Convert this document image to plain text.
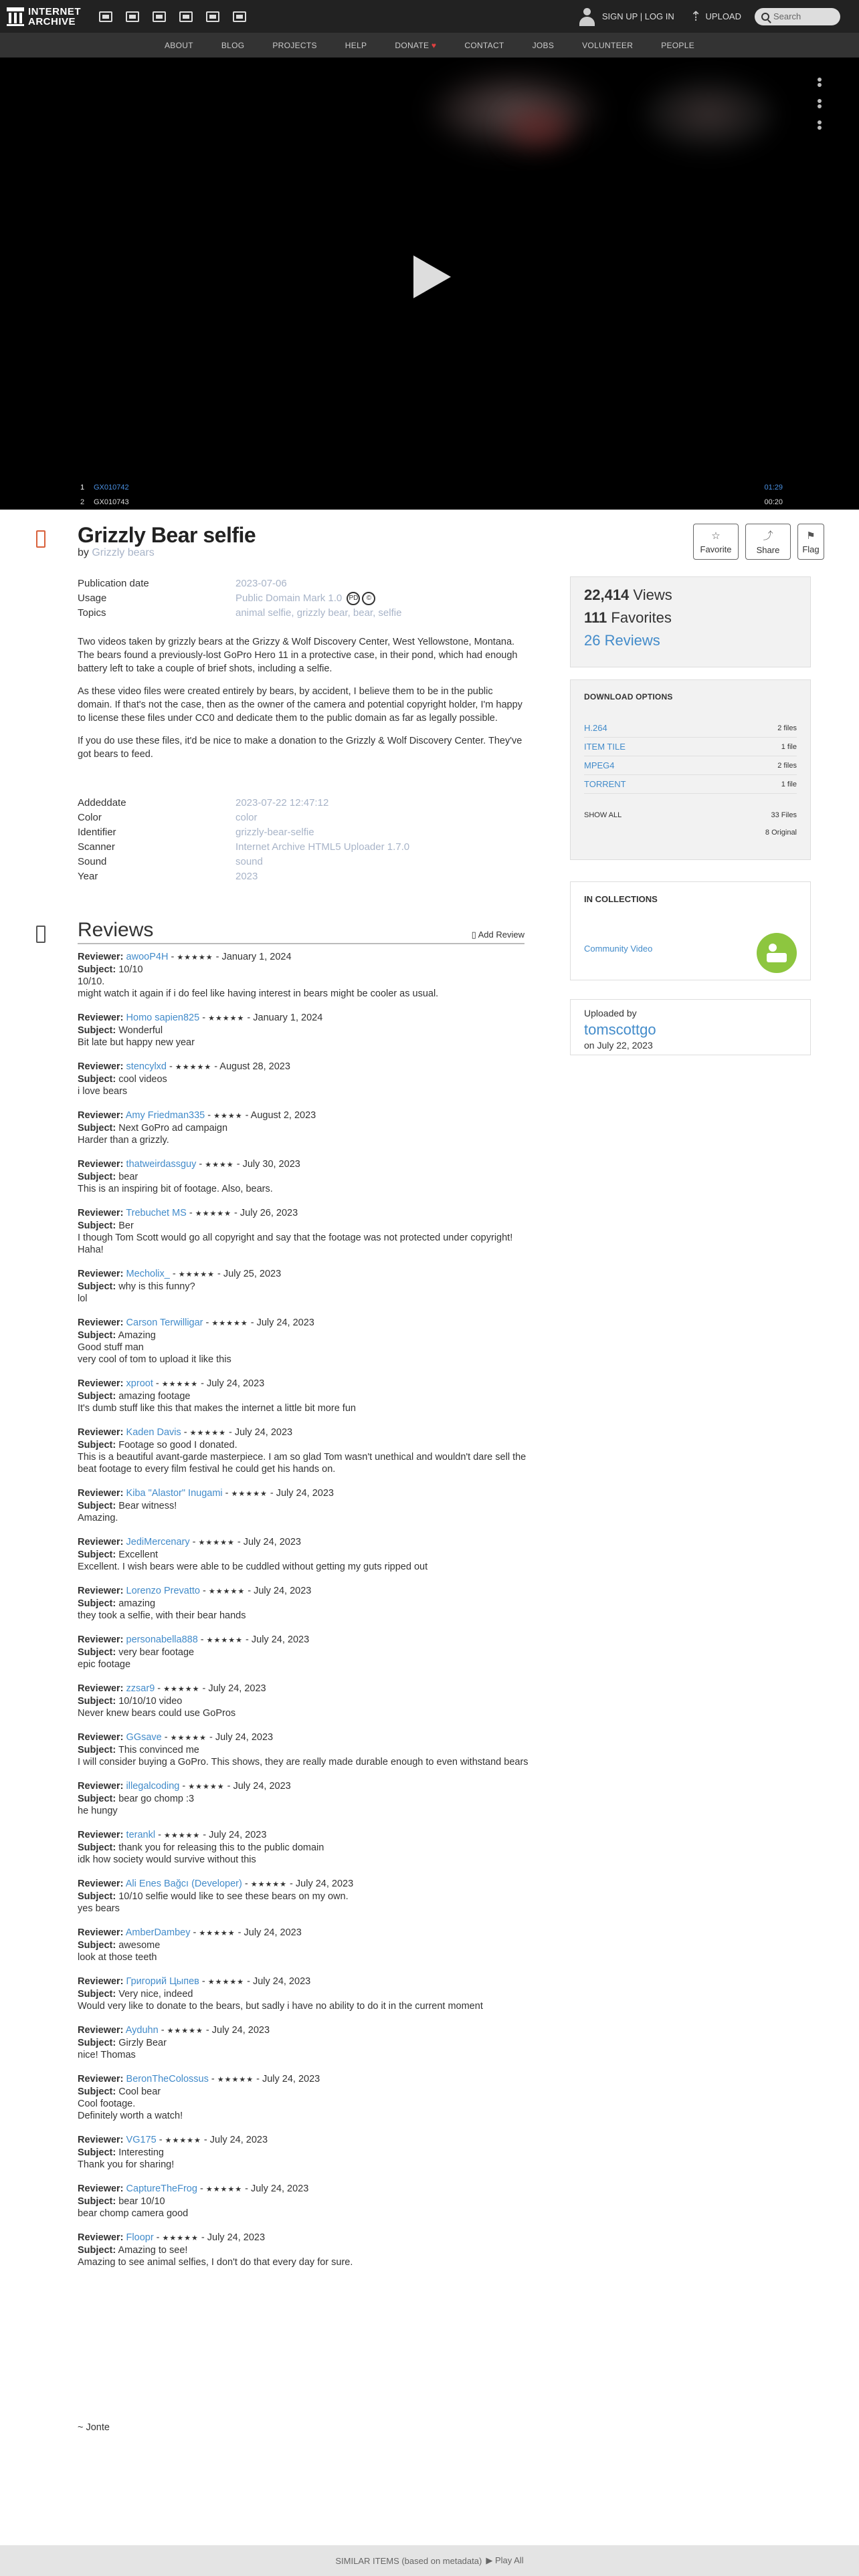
INTERNET
ARCHIVE	SIGN UP | LOG IN ⇡ UPLOAD	Search
ABOUT	BLOG	PROJECTS	HELP	DONATE ♥	CONTACT	JOBS	VOLUNTEER	PEOPLE
1	GX010742	01:29
2	GX010743	00:20
Grizzly Bear selfie
by Grizzly bears
☆
Favorite
⤴
Share
⚑
Flag
Publication date	2023-07-06
Usage	Public Domain Mark 1.0 PD ©
Topics	animal selfie, grizzly bear, bear, selfie

Two videos taken by grizzly bears at the Grizzy & Wolf Discovery Center, West Yellowstone, Montana. The bears found a previously-lost GoPro Hero 11 in a protective case, in their pond, which had enough battery left to take a couple of brief shots, including a selfie.

As these video files were created entirely by bears, by accident, I believe them to be in the public domain. If that's not the case, then as the owner of the camera and potential copyright holder, I'm happy to license these files under CC0 and dedicate them to the public domain as far as legally possible.

If you do use these files, it'd be nice to make a donation to the Grizzly & Wolf Discovery Center. They've got bears to feed.

Addeddate	2023-07-22 12:47:12
Color	color
Identifier	grizzly-bear-selfie
Scanner	Internet Archive HTML5 Uploader 1.7.0
Sound	sound
Year	2023
22,414 Views
111 Favorites
26 Reviews
DOWNLOAD OPTIONS
H.264	2 files
ITEM TILE	1 file
MPEG4	2 files
TORRENT	1 file
SHOW ALL	33 Files
8 Original
IN COLLECTIONS
Community Video
Uploaded by
tomscottgo
on July 22, 2023
Reviews	▯ Add Review
Reviewer: awooP4H - ★★★★★ - January 1, 2024
Subject: 10/10
10/10.
might watch it again if i do feel like having interest in bears might be cooler as usual.
Reviewer: Homo sapien825 - ★★★★★ - January 1, 2024
Subject: Wonderful
Bit late but happy new year
Reviewer: stencylxd - ★★★★★ - August 28, 2023
Subject: cool videos
i love bears
Reviewer: Amy Friedman335 - ★★★★ - August 2, 2023
Subject: Next GoPro ad campaign
Harder than a grizzly.
Reviewer: thatweirdassguy - ★★★★ - July 30, 2023
Subject: bear
This is an inspiring bit of footage. Also, bears.
Reviewer: Trebuchet MS - ★★★★★ - July 26, 2023
Subject: Ber
I though Tom Scott would go all copyright and say that the footage was not protected under copyright! Haha!
Reviewer: Mecholix_ - ★★★★★ - July 25, 2023
Subject: why is this funny?
lol
Reviewer: Carson Terwilligar - ★★★★★ - July 24, 2023
Subject: Amazing
Good stuff man
very cool of tom to upload it like this
Reviewer: xproot - ★★★★★ - July 24, 2023
Subject: amazing footage
It's dumb stuff like this that makes the internet a little bit more fun
Reviewer: Kaden Davis - ★★★★★ - July 24, 2023
Subject: Footage so good I donated.
This is a beautiful avant-garde masterpiece. I am so glad Tom wasn't unethical and wouldn't dare sell the beat footage to every film festival he could get his hands on.
Reviewer: Kiba "Alastor" Inugami - ★★★★★ - July 24, 2023
Subject: Bear witness!
Amazing.
Reviewer: JediMercenary - ★★★★★ - July 24, 2023
Subject: Excellent
Excellent. I wish bears were able to be cuddled without getting my guts ripped out
Reviewer: Lorenzo Prevatto - ★★★★★ - July 24, 2023
Subject: amazing
they took a selfie, with their bear hands
Reviewer: personabella888 - ★★★★★ - July 24, 2023
Subject: very bear footage
epic footage
Reviewer: zzsar9 - ★★★★★ - July 24, 2023
Subject: 10/10/10 video
Never knew bears could use GoPros
Reviewer: GGsave - ★★★★★ - July 24, 2023
Subject: This convinced me
I will consider buying a GoPro. This shows, they are really made durable enough to even withstand bears
Reviewer: illegalcoding - ★★★★★ - July 24, 2023
Subject: bear go chomp :3
he hungy
Reviewer: terankl - ★★★★★ - July 24, 2023
Subject: thank you for releasing this to the public domain
idk how society would survive without this
Reviewer: Ali Enes Bağcı (Developer) - ★★★★★ - July 24, 2023
Subject: 10/10 selfie would like to see these bears on my own.
yes bears
Reviewer: AmberDambey - ★★★★★ - July 24, 2023
Subject: awesome
look at those teeth
Reviewer: Григорий Цыпев - ★★★★★ - July 24, 2023
Subject: Very nice, indeed
Would very like to donate to the bears, but sadly i have no ability to do it in the current moment
Reviewer: Ayduhn - ★★★★★ - July 24, 2023
Subject: Girzly Bear
nice! Thomas
Reviewer: BeronTheColossus - ★★★★★ - July 24, 2023
Subject: Cool bear
Cool footage.
Definitely worth a watch!
Reviewer: VG175 - ★★★★★ - July 24, 2023
Subject: Interesting
Thank you for sharing!
Reviewer: CaptureTheFrog - ★★★★★ - July 24, 2023
Subject: bear 10/10
bear chomp camera good
Reviewer: Floopr - ★★★★★ - July 24, 2023
Subject: Amazing to see!
Amazing to see animal selfies, I don't do that every day for sure.
~ Jonte
SIMILAR ITEMS (based on metadata) ▶ Play All
